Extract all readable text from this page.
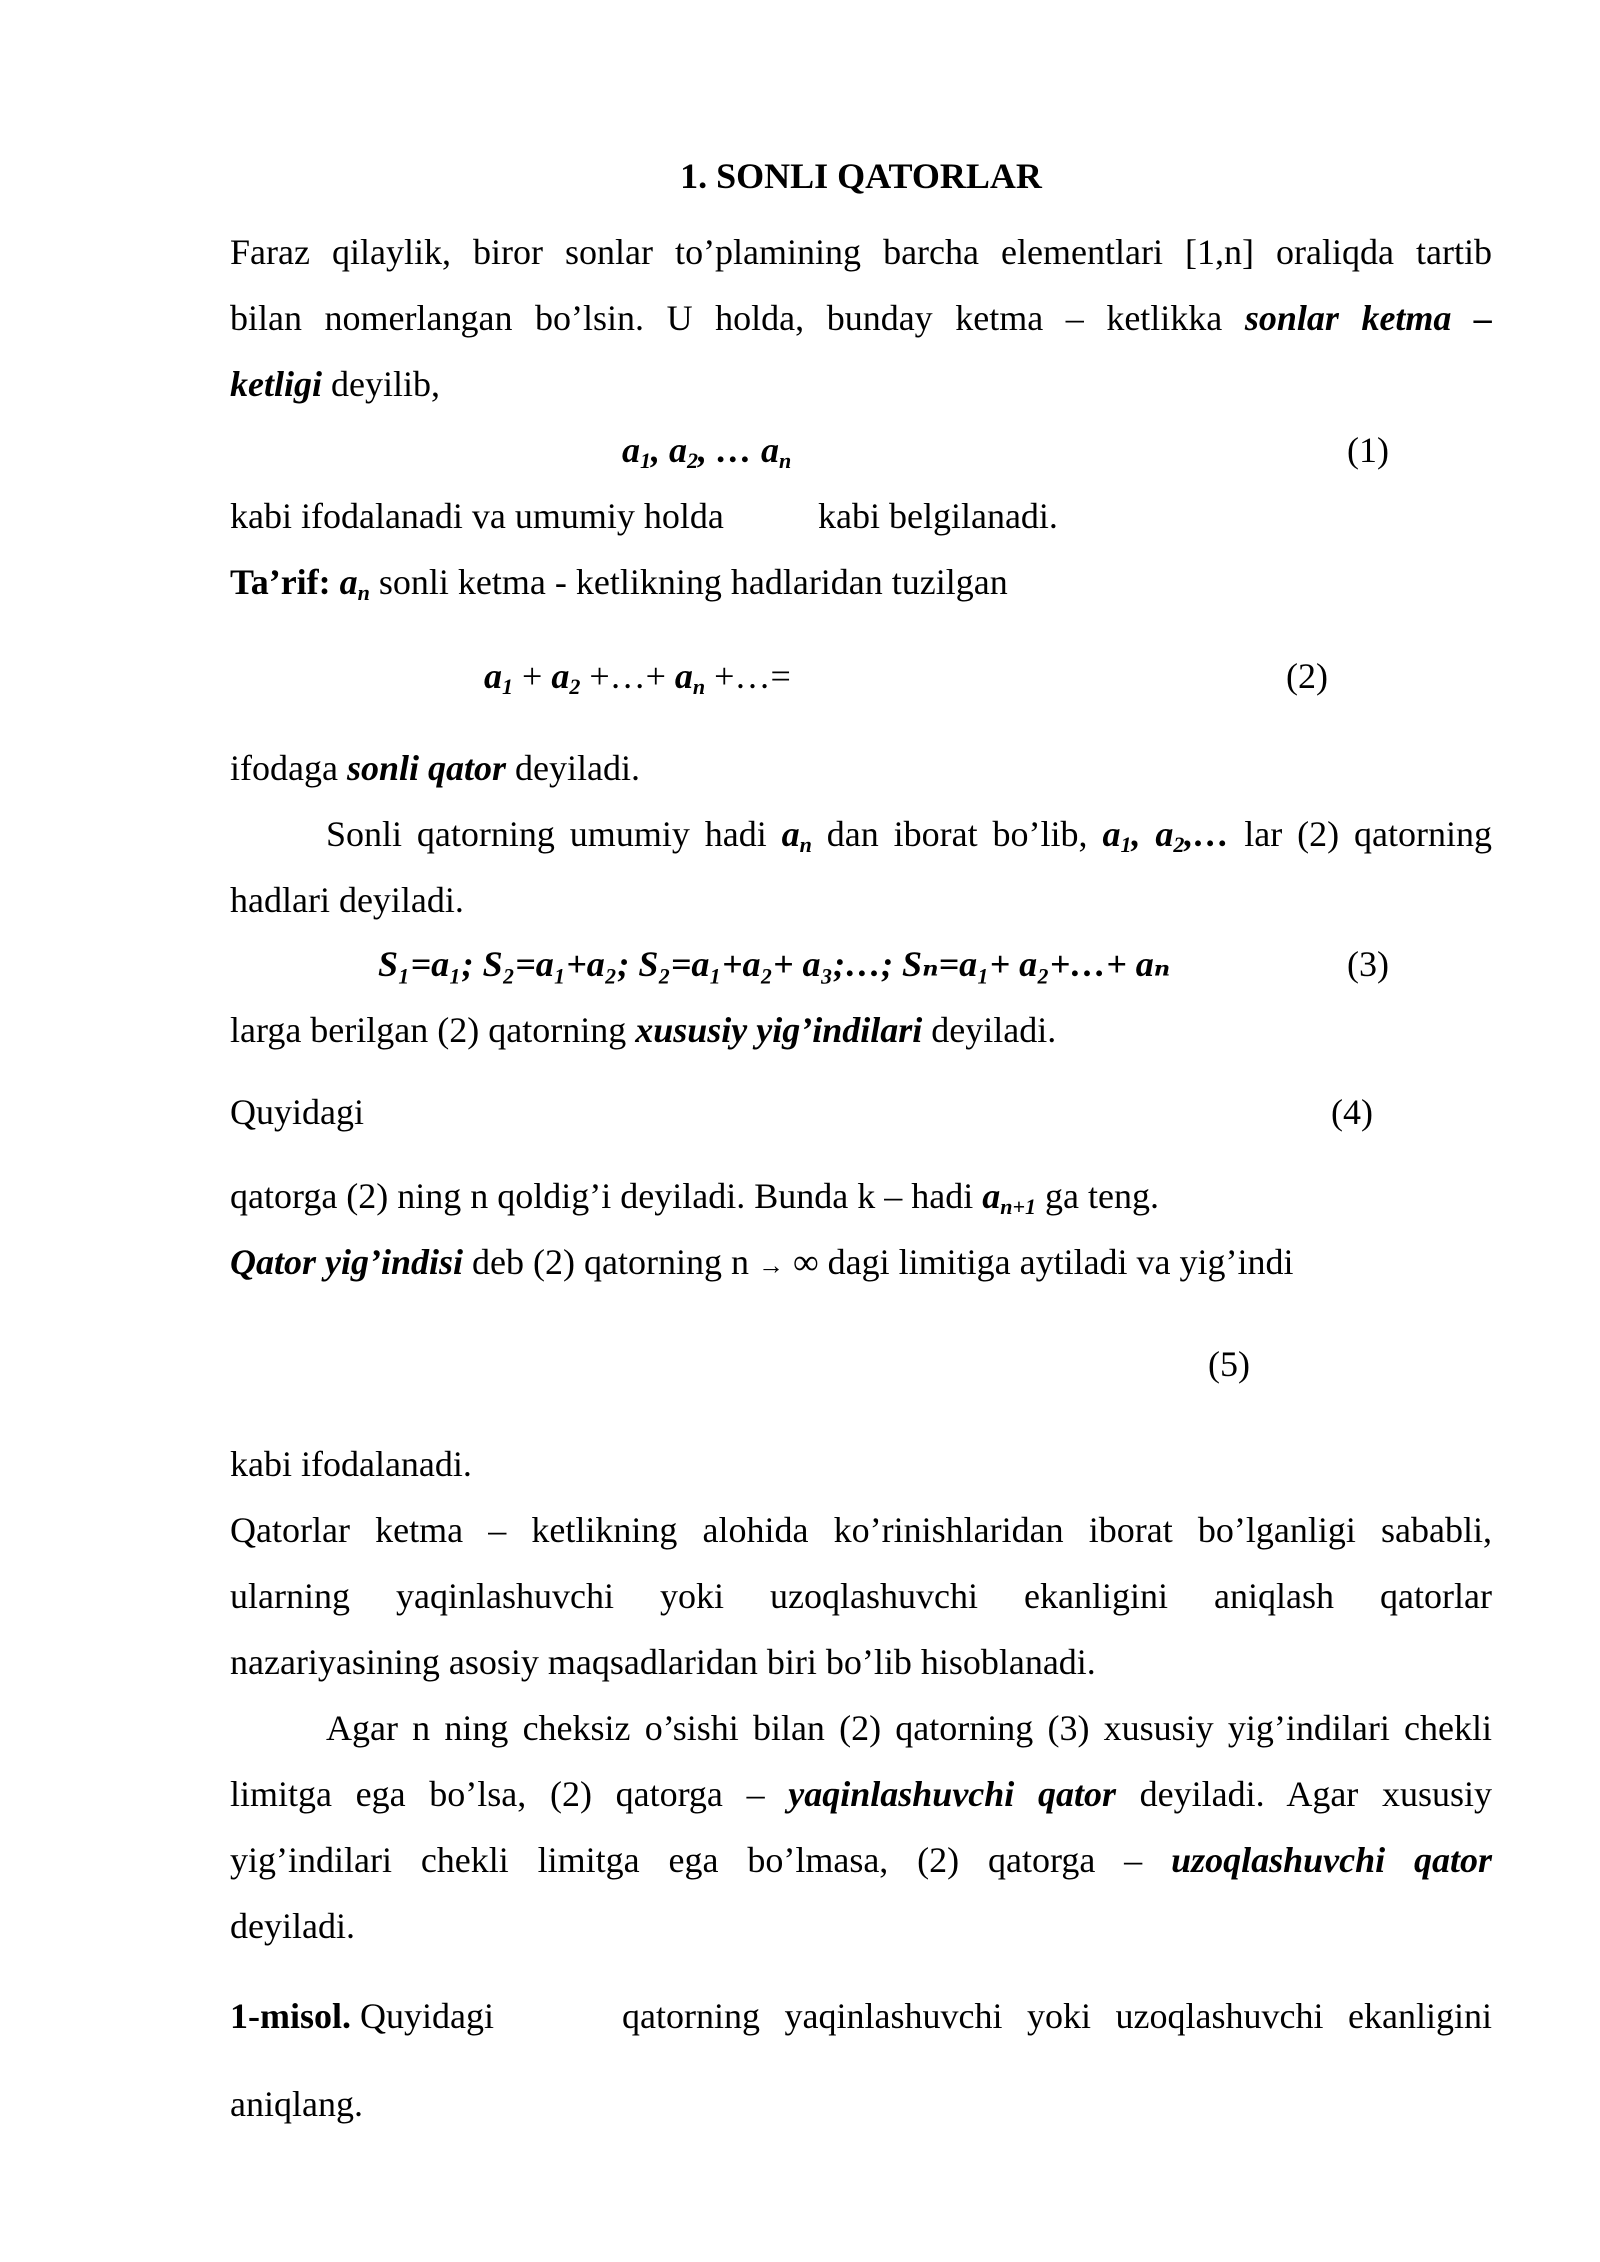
1. SONLI QATORLAR
Faraz qilaylik, biror sonlar to’plamining barcha elementlari [1,n] oraliqda tartib
bilan nomerlangan bo’lsin. U holda, bunday ketma – ketlikka sonlar ketma –
ketligi deyilib,
$a_1$, $a_2$, … $a_n$	(1)
kabi ifodalanadi va umumiy holda	kabi belgilanadi.
Ta’rif: $a_n$ sonli ketma - ketlikning hadlaridan tuzilgan
$a_1 + a_2$ +…+ $a_n$ +…=	(2)
ifodaga sonli qator deyiladi.
Sonli qatorning umumiy hadi $a_n$ dan iborat bo’lib, $a_1$, $a_2,\dots$ lar (2) qatorning
hadlari deyiladi.
S₁=a₁; S₂=a₁+a₂; S₂=a₁+a₂+ a₃;…; Sₙ=a₁+ a₂+…+ aₙ	(3)
larga berilgan (2) qatorning xususiy yig’indilari deyiladi.
Quyidagi	(4)
qatorga (2) ning n qoldig’i deyiladi. Bunda k – hadi $a_{n+1}$ ga teng.
Qator yig’indisi deb (2) qatorning n → ∞ dagi limitiga aytiladi va yig’indi
(5)
kabi ifodalanadi.
Qatorlar ketma – ketlikning alohida ko’rinishlaridan iborat bo’lganligi sababli,
ularning yaqinlashuvchi yoki uzoqlashuvchi ekanligini aniqlash qatorlar
nazariyasining asosiy maqsadlaridan biri bo’lib hisoblanadi.
Agar n ning cheksiz o’sishi bilan (2) qatorning (3) xususiy yig’indilari chekli
limitga ega bo’lsa, (2) qatorga – yaqinlashuvchi qator deyiladi. Agar xususiy
yig’indilari chekli limitga ega bo’lmasa, (2) qatorga – uzoqlashuvchi qator
deyiladi.
1-misol. Quyidagi	qatorning yaqinlashuvchi yoki uzoqlashuvchi ekanligini
aniqlang.
